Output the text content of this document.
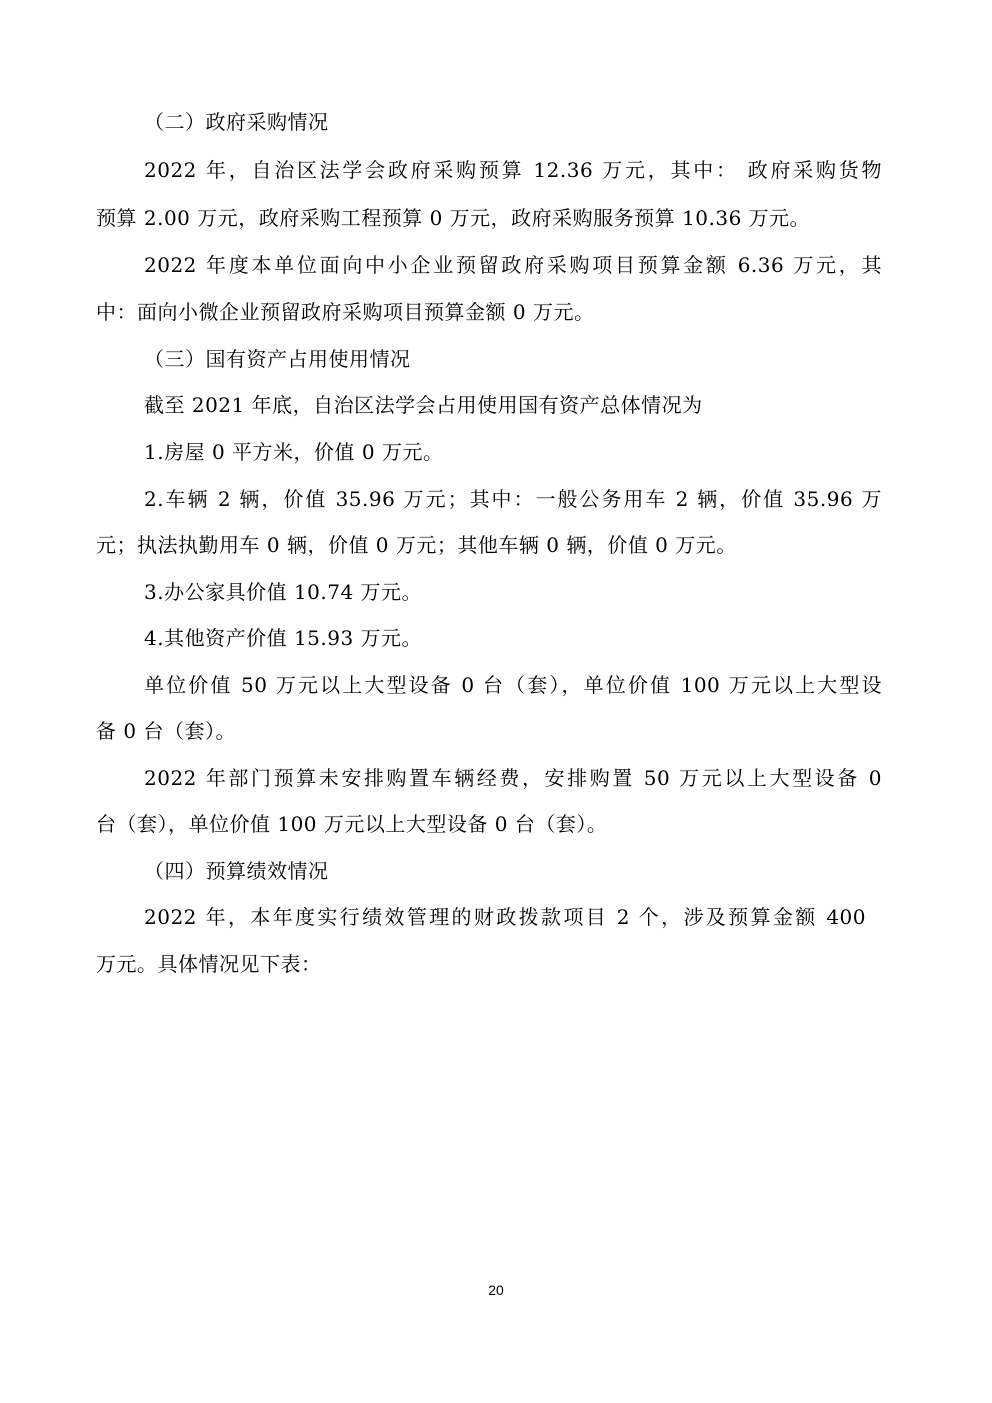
（二）政府采购情况
2022 年，自治区法学会政府采购预算 12.36 万元，其中： 政府采购货物
预算 2.00 万元，政府采购工程预算 0 万元，政府采购服务预算 10.36 万元。
2022 年度本单位面向中小企业预留政府采购项目预算金额 6.36 万元，其
中：面向小微企业预留政府采购项目预算金额 0 万元。
（三）国有资产占用使用情况
截至 2021 年底，自治区法学会占用使用国有资产总体情况为
1.房屋 0 平方米，价值 0 万元。
2.车辆 2 辆，价值 35.96 万元；其中：一般公务用车 2 辆，价值 35.96 万
元；执法执勤用车 0 辆，价值 0 万元；其他车辆 0 辆，价值 0 万元。
3.办公家具价值 10.74 万元。
4.其他资产价值 15.93 万元。
单位价值 50 万元以上大型设备 0 台（套），单位价值 100 万元以上大型设
备 0 台（套）。
2022 年部门预算未安排购置车辆经费，安排购置 50 万元以上大型设备 0
台（套），单位价值 100 万元以上大型设备 0 台（套）。
（四）预算绩效情况
2022 年，本年度实行绩效管理的财政拨款项目 2 个，涉及预算金额 400
万元。具体情况见下表：
20
